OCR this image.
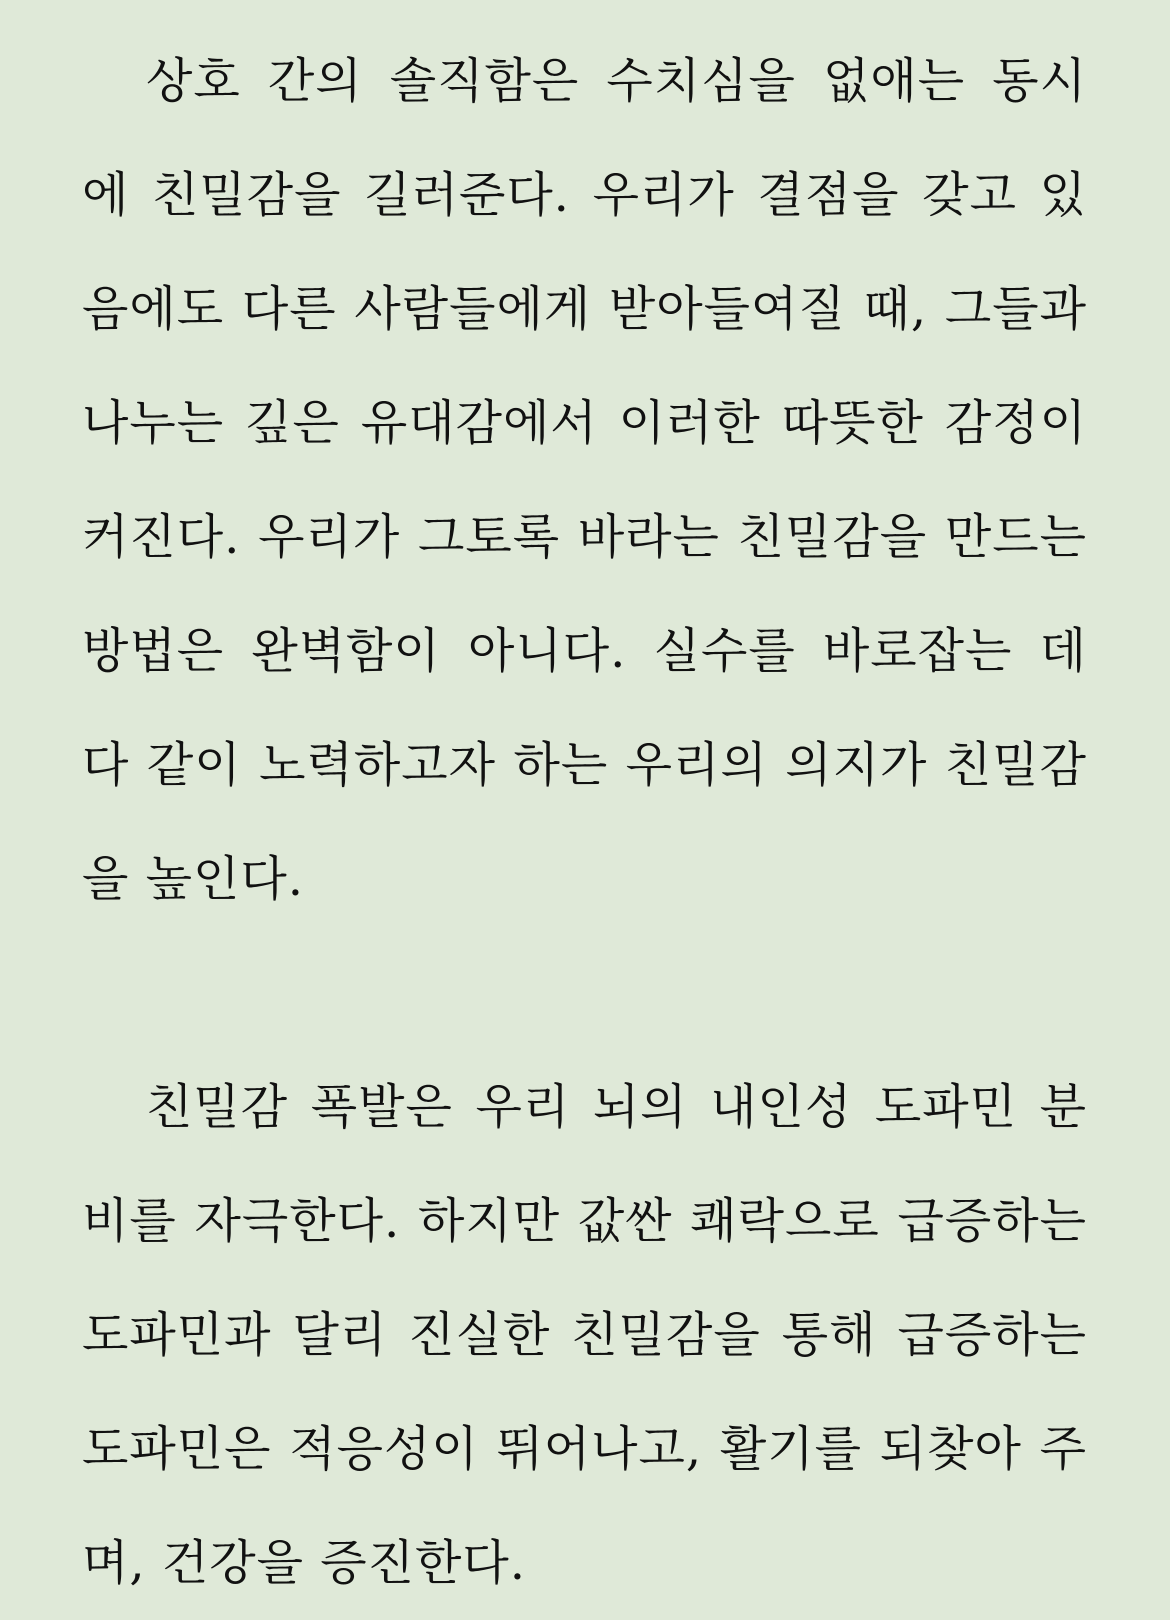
상호 간의 솔직함은 수치심을 없애는 동시
에 친밀감을 길러준다. 우리가 결점을 갖고 있
음에도 다른 사람들에게 받아들여질 때, 그들과
나누는 깊은 유대감에서 이러한 따뜻한 감정이
커진다. 우리가 그토록 바라는 친밀감을 만드는
방법은 완벽함이 아니다. 실수를 바로잡는 데
다 같이 노력하고자 하는 우리의 의지가 친밀감
을 높인다.
친밀감 폭발은 우리 뇌의 내인성 도파민 분
비를 자극한다. 하지만 값싼 쾌락으로 급증하는
도파민과 달리 진실한 친밀감을 통해 급증하는
도파민은 적응성이 뛰어나고, 활기를 되찾아 주
며, 건강을 증진한다.
